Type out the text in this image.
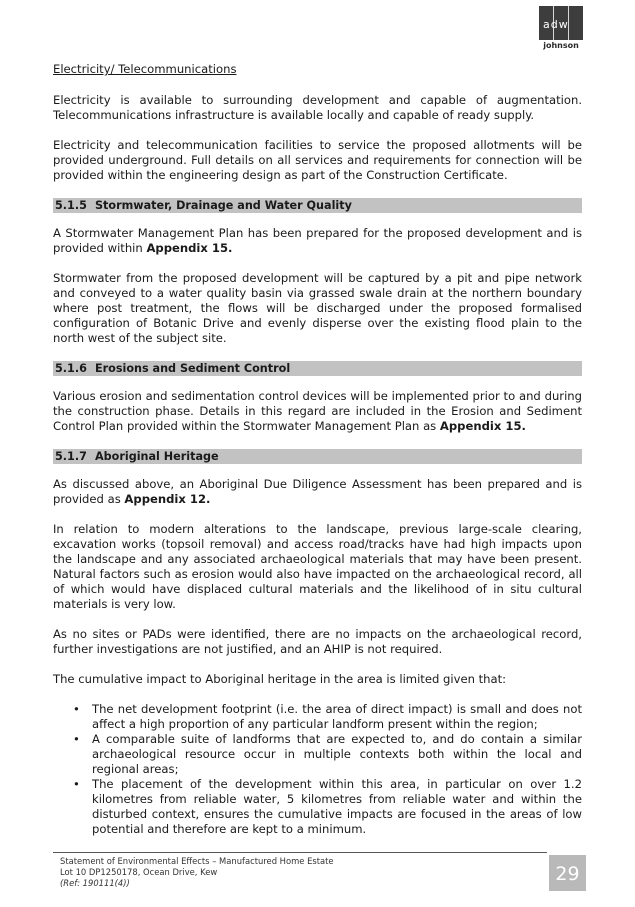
adw
johnson

Electricity/ Telecommunications

Electricity is available to surrounding development and capable of augmentation. Telecommunications infrastructure is available locally and capable of ready supply.

Electricity and telecommunication facilities to service the proposed allotments will be provided underground. Full details on all services and requirements for connection will be provided within the engineering design as part of the Construction Certificate.

5.1.5 Stormwater, Drainage and Water Quality

A Stormwater Management Plan has been prepared for the proposed development and is provided within Appendix 15.

Stormwater from the proposed development will be captured by a pit and pipe network and conveyed to a water quality basin via grassed swale drain at the northern boundary where post treatment, the flows will be discharged under the proposed formalised configuration of Botanic Drive and evenly disperse over the existing flood plain to the north west of the subject site.

5.1.6 Erosions and Sediment Control

Various erosion and sedimentation control devices will be implemented prior to and during the construction phase. Details in this regard are included in the Erosion and Sediment Control Plan provided within the Stormwater Management Plan as Appendix 15.

5.1.7 Aboriginal Heritage

As discussed above, an Aboriginal Due Diligence Assessment has been prepared and is provided as Appendix 12.

In relation to modern alterations to the landscape, previous large-scale clearing, excavation works (topsoil removal) and access road/tracks have had high impacts upon the landscape and any associated archaeological materials that may have been present. Natural factors such as erosion would also have impacted on the archaeological record, all of which would have displaced cultural materials and the likelihood of in situ cultural materials is very low.

As no sites or PADs were identified, there are no impacts on the archaeological record, further investigations are not justified, and an AHIP is not required.

The cumulative impact to Aboriginal heritage in the area is limited given that:

• The net development footprint (i.e. the area of direct impact) is small and does not affect a high proportion of any particular landform present within the region;
• A comparable suite of landforms that are expected to, and do contain a similar archaeological resource occur in multiple contexts both within the local and regional areas;
• The placement of the development within this area, in particular on over 1.2 kilometres from reliable water, 5 kilometres from reliable water and within the disturbed context, ensures the cumulative impacts are focused in the areas of low potential and therefore are kept to a minimum.
Statement of Environmental Effects – Manufactured Home Estate
Lot 10 DP1250178, Ocean Drive, Kew
(Ref: 190111(4))	29
